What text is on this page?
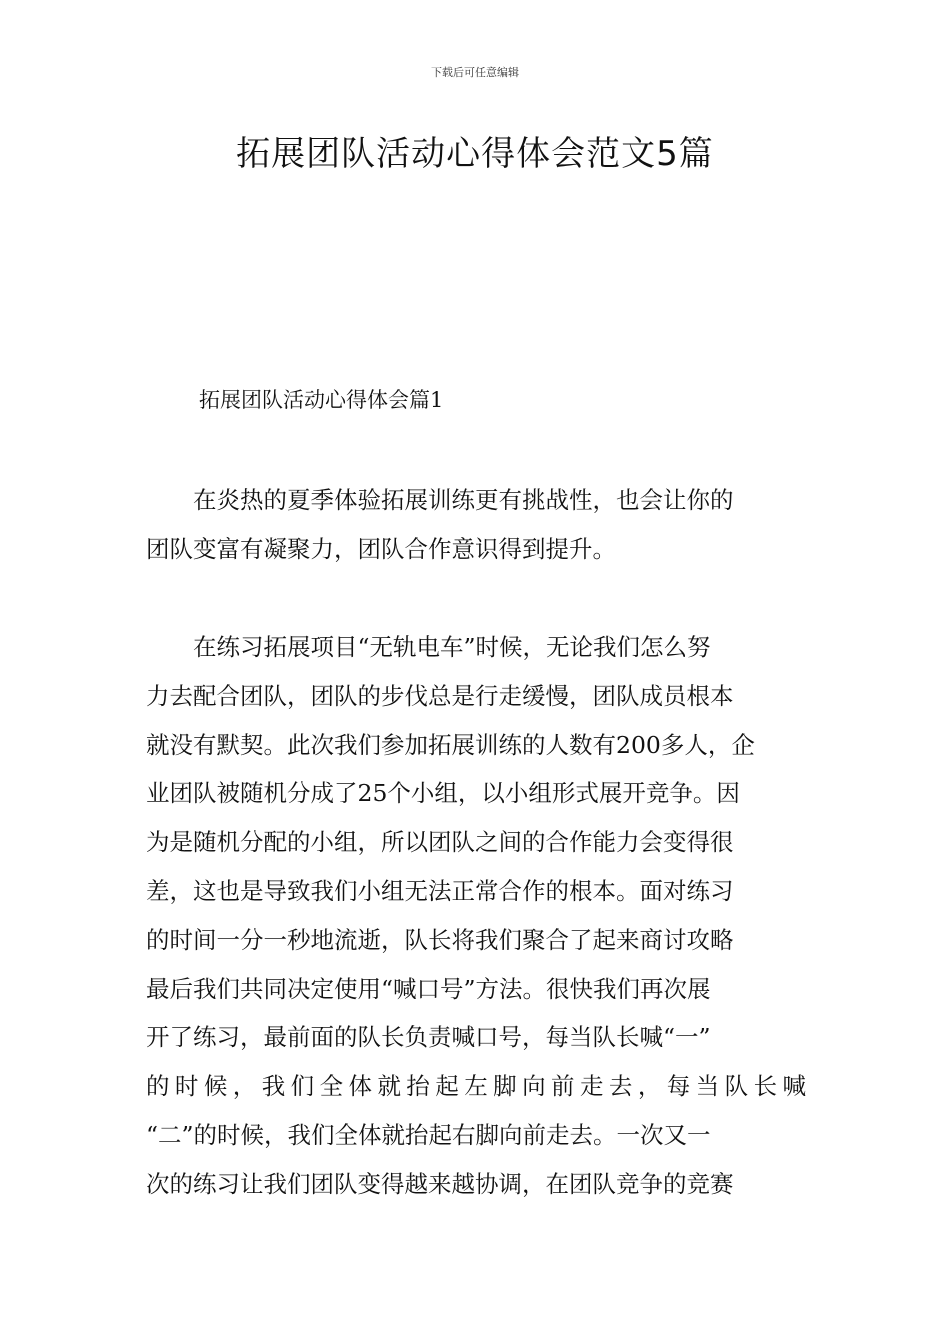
下载后可任意编辑
拓展团队活动心得体会范文5篇
拓展团队活动心得体会篇1
　　在炎热的夏季体验拓展训练更有挑战性，也会让你的
团队变富有凝聚力，团队合作意识得到提升。
　　在练习拓展项目“无轨电车”时候，无论我们怎么努
力去配合团队，团队的步伐总是行走缓慢，团队成员根本
就没有默契。此次我们参加拓展训练的人数有200多人，企
业团队被随机分成了25个小组，以小组形式展开竞争。因
为是随机分配的小组，所以团队之间的合作能力会变得很
差，这也是导致我们小组无法正常合作的根本。面对练习
的时间一分一秒地流逝，队长将我们聚合了起来商讨攻略
最后我们共同决定使用“喊口号”方法。很快我们再次展
开了练习，最前面的队长负责喊口号，每当队长喊“一”
的时候，我们全体就抬起左脚向前走去，每当队长喊
“二”的时候，我们全体就抬起右脚向前走去。一次又一
次的练习让我们团队变得越来越协调，在团队竞争的竞赛
